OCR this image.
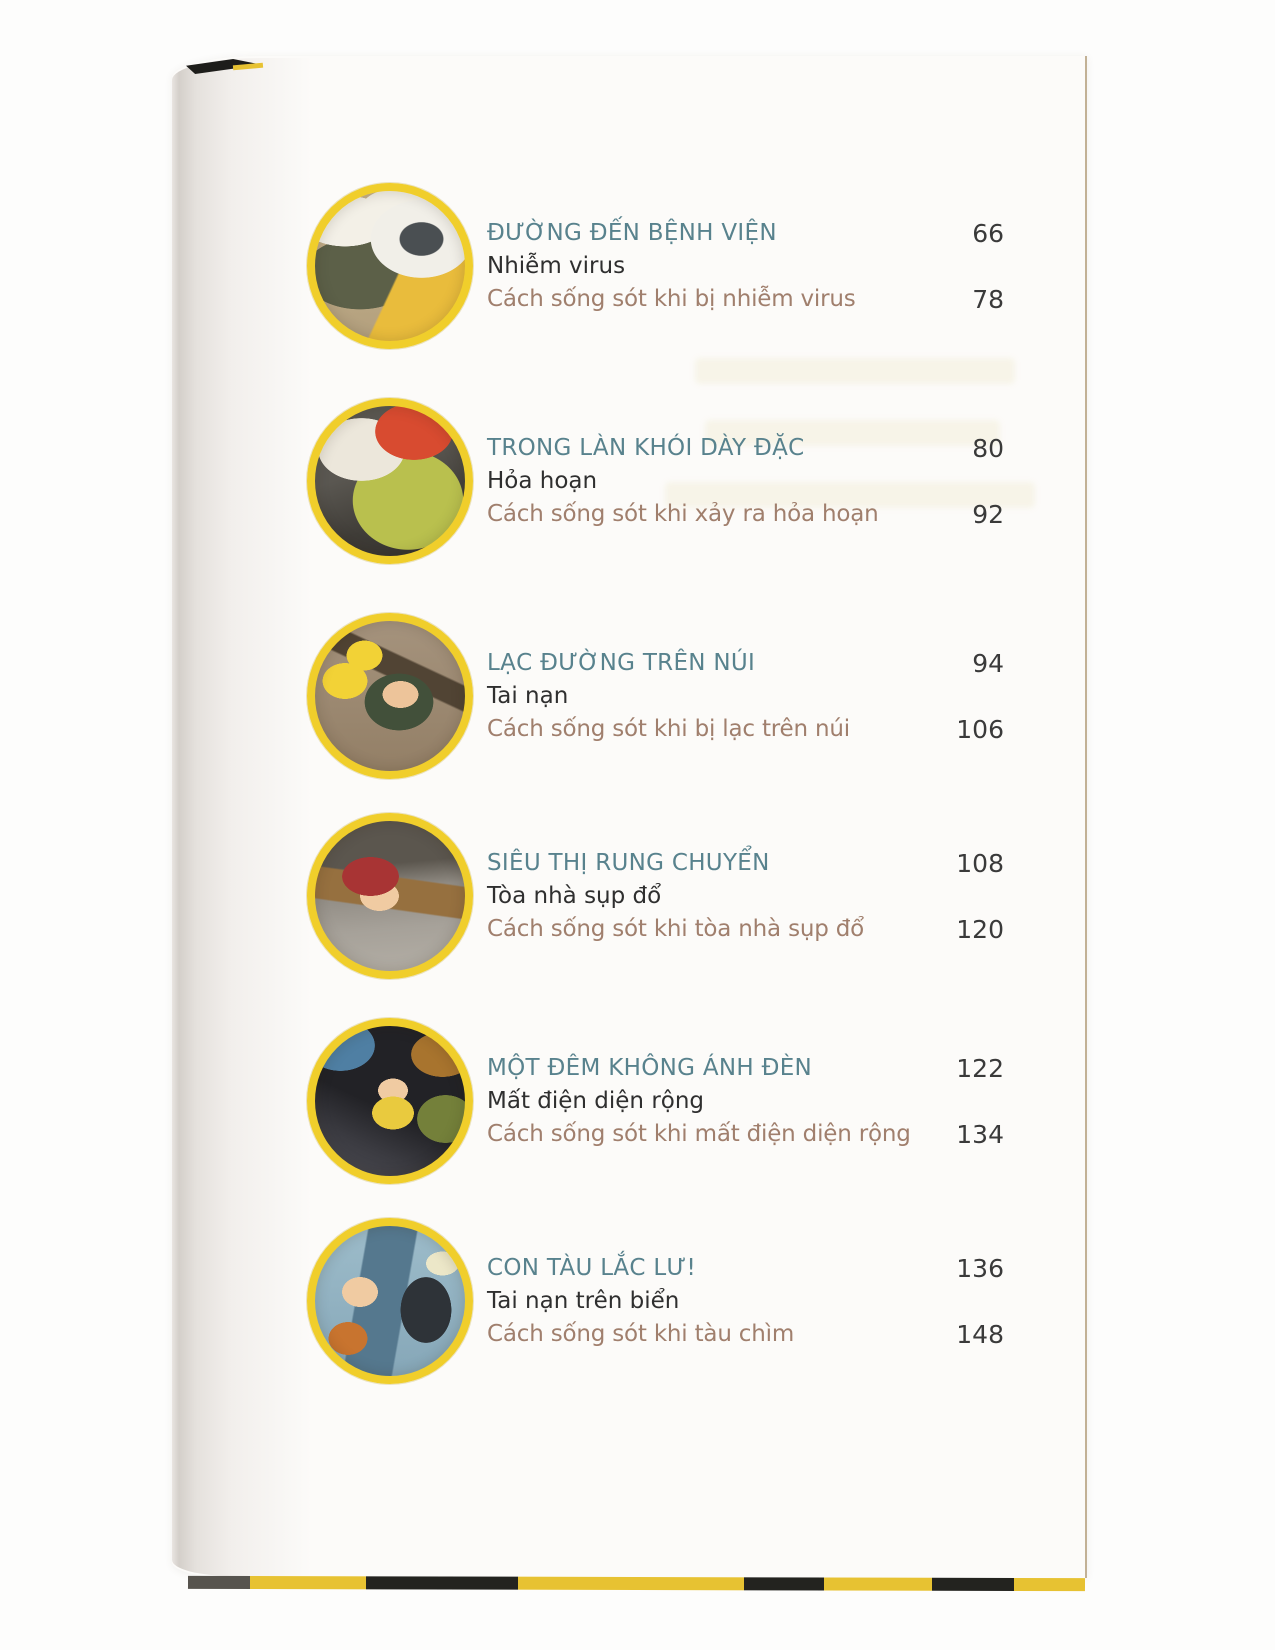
ĐƯỜNG ĐẾN BỆNH VIỆN	66
Nhiễm virus
Cách sống sót khi bị nhiễm virus	78
TRONG LÀN KHÓI DÀY ĐẶC	80
Hỏa hoạn
Cách sống sót khi xảy ra hỏa hoạn	92
LẠC ĐƯỜNG TRÊN NÚI	94
Tai nạn
Cách sống sót khi bị lạc trên núi	106
SIÊU THỊ RUNG CHUYỂN	108
Tòa nhà sụp đổ
Cách sống sót khi tòa nhà sụp đổ	120
MỘT ĐÊM KHÔNG ÁNH ĐÈN	122
Mất điện diện rộng
Cách sống sót khi mất điện diện rộng	134
CON TÀU LẮC LƯ!	136
Tai nạn trên biển
Cách sống sót khi tàu chìm	148
